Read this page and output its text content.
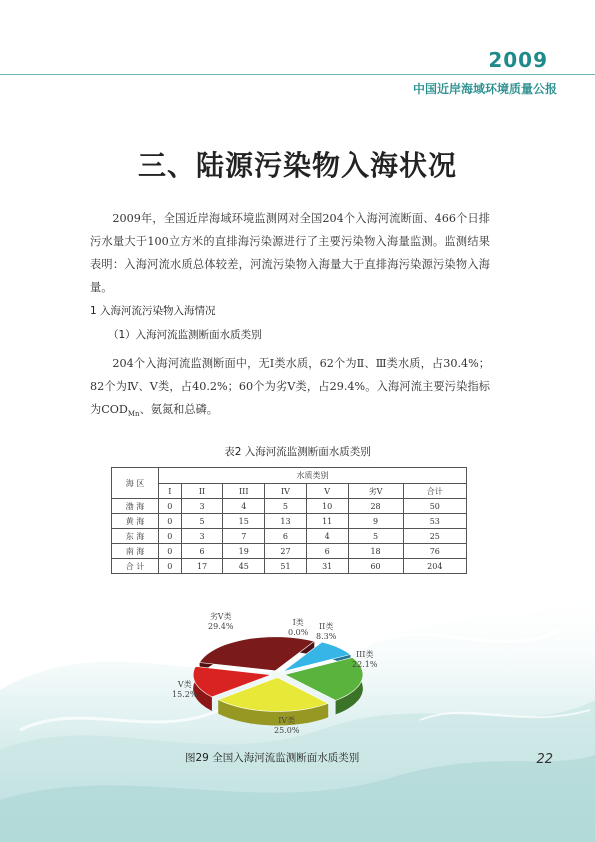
2009
中国近岸海域环境质量公报
三、陆源污染物入海状况

2009年，全国近岸海域环境监测网对全国204个入海河流断面、466个日排污水量大于100立方米的直排海污染源进行了主要污染物入海量监测。监测结果表明：入海河流水质总体较差，河流污染物入海量大于直排海污染源污染物入海量。

1 入海河流污染物入海情况
（1）入海河流监测断面水质类别

204个入海河流监测断面中，无Ⅰ类水质，62个为Ⅱ、Ⅲ类水质，占30.4%；82个为Ⅳ、Ⅴ类，占40.2%；60个为劣Ⅴ类，占29.4%。入海河流主要污染指标为$COD_{Mn}$、氨氮和总磷。

表2 入海河流监测断面水质类别
海 区	水质类别						
	I	II	III	IV	V	劣V	合计
渤 海	0	3	4	5	10	28	50
黄 海	0	5	15	13	11	9	53
东 海	0	3	7	6	4	5	25
南 海	0	6	19	27	6	18	76
合 计	0	17	45	51	31	60	204
劣V类
29.4%	I类
0.0%
II类
8.3%
III类
22.1%
IV类
25.0%
V类
15.2%
图29 全国入海河流监测断面水质类别	22
